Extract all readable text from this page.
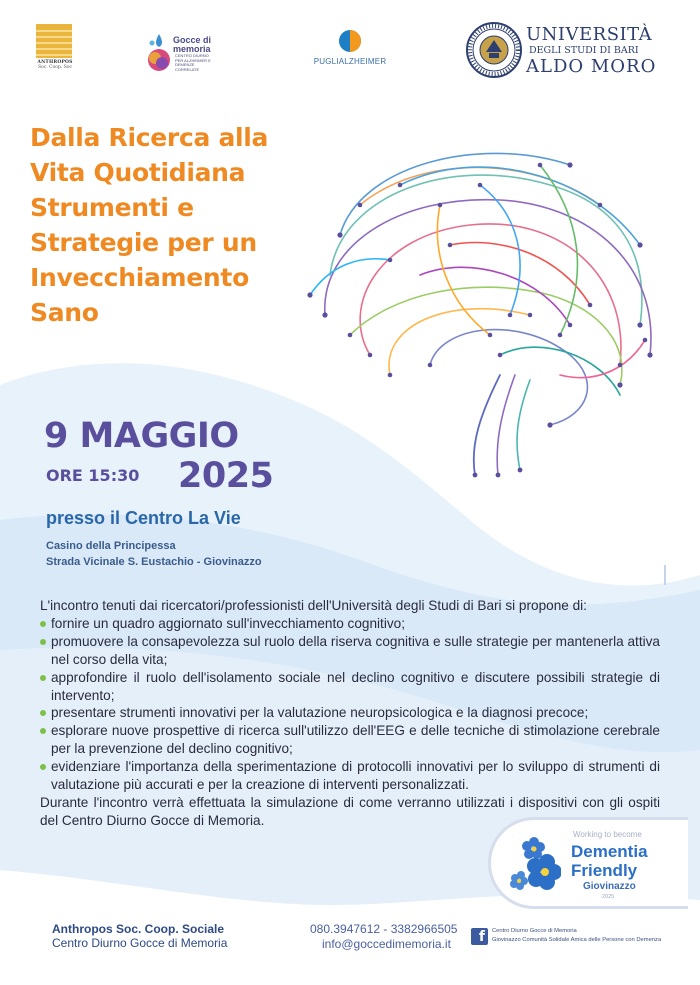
ANTHROPOS
Soc. Coop. Soc
Gocce di memoria
CENTRO DIURNO PER ALZHEIMER E DEMENZE CORRELATE
PUGLIALZHEIMER
UNIVERSITÀ
DEGLI STUDI DI BARI
ALDO MORO
Dalla Ricerca alla
Vita Quotidiana
Strumenti e
Strategie per un
Invecchiamento
Sano
9 MAGGIO
ORE 15:30 2025
presso il Centro La Vie
Casino della Principessa
Strada Vicinale S. Eustachio - Giovinazzo

L'incontro tenuti dai ricercatori/professionisti dell'Università degli Studi di Bari si propone di:

fornire un quadro aggiornato sull'invecchiamento cognitivo;
promuovere la consapevolezza sul ruolo della riserva cognitiva e sulle strategie per mantenerla attiva nel corso della vita;
approfondire il ruolo dell'isolamento sociale nel declino cognitivo e discutere possibili strategie di intervento;
presentare strumenti innovativi per la valutazione neuropsicologica e la diagnosi precoce;
esplorare nuove prospettive di ricerca sull'utilizzo dell'EEG e delle tecniche di stimolazione cerebrale per la prevenzione del declino cognitivo;
evidenziare l'importanza della sperimentazione di protocolli innovativi per lo sviluppo di strumenti di valutazione più accurati e per la creazione di interventi personalizzati.

Durante l'incontro verrà effettuata la simulazione di come verranno utilizzati i dispositivi con gli ospiti del Centro Diurno Gocce di Memoria.

Working to become
Dementia
Friendly
Giovinazzo
2025
Anthropos Soc. Coop. Sociale
Centro Diurno Gocce di Memoria
080.3947612 - 3382966505
info@goccedimemoria.it	f	Centro Diurno Gocce di Memoria
Giovinazzo Comunità Solidale Amica delle Persone con Demenza
